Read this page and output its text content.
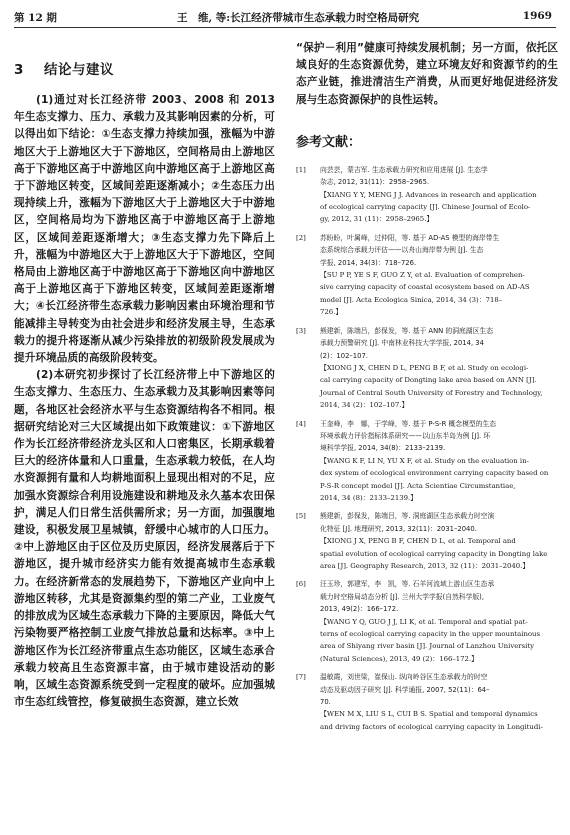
第 12 期	王　维, 等:长江经济带城市生态承载力时空格局研究	1969
3 结论与建议

(1)通过对长江经济带 2003、2008 和 2013 年生态支撑力、压力、承载力及其影响因素的分析，可以得出如下结论：①生态支撑力持续加强，涨幅为中游地区大于上游地区大于下游地区，空间格局由上游地区高于下游地区高于中游地区向中游地区高于上游地区高于下游地区转变，区域间差距逐渐减小；②生态压力出现持续上升，涨幅为下游地区大于上游地区大于中游地区，空间格局均为下游地区高于中游地区高于上游地区，区域间差距逐渐增大；③生态支撑力先下降后上升，涨幅为中游地区大于上游地区大于下游地区，空间格局由上游地区高于中游地区高于下游地区向中游地区高于上游地区高于下游地区转变，区域间差距逐渐增大；④长江经济带生态承载力影响因素由环境治理和节能减排主导转变为由社会进步和经济发展主导，生态承载力的提升将逐渐从减少污染排放的初级阶段发展成为提升环境品质的高级阶段转变。

(2)本研究初步探讨了长江经济带上中下游地区的生态支撑力、生态压力、生态承载力及其影响因素等问题，各地区社会经济水平与生态资源结构各不相同。根据研究结论对三大区域提出如下政策建议：①下游地区作为长江经济带经济龙头区和人口密集区，长期承载着巨大的经济体量和人口重量，生态承载力较低，在人均水资源拥有量和人均耕地面积上显现出相对的不足，应加强水资源综合利用设施建设和耕地及永久基本农田保护，满足人们日常生活供需所求；另一方面，加强腹地建设，积极发展卫星城镇，舒缓中心城市的人口压力。②中上游地区由于区位及历史原因，经济发展落后于下游地区，提升城市经济实力能有效提高城市生态承载力。在经济新常态的发展趋势下，下游地区产业向中上游地区转移，尤其是资源集约型的第二产业，工业废气的排放成为区域生态承载力下降的主要原因，降低大气污染物要严格控制工业废气排放总量和达标率。③中上游地区作为长江经济带重点生态功能区，区域生态承合承载力较高且生态资源丰富，由于城市建设活动的影响，区域生态资源系统受到一定程度的破坏。应加强城市生态红线管控，修复破损生态资源，建立长效

“保护－利用”健康可持续发展机制；另一方面，依托区域良好的生态资源优势，建立环境友好和资源节约的生态产业链，推进清洁生产消费，从而更好地促进经济发展与生态资源保护的良性运转。

参考文献：
[1]	向芸芸，蒙吉军. 生态承载力研究和应用进展 [J]. 生态学
杂志, 2012, 31(11)：2958–2965.
【XIANG Y Y, MENG J J. Advances in research and application
of ecological carrying capacity [J]. Chinese Journal of Ecolo-
gy, 2012, 31 (11)：2958–2965.】
[2]	苏盼盼，叶属峰，过仲阳，等. 基于 AD-AS 模型的海岸带生
态系统综合承载力评估——以舟山海岸带为例 [J]. 生态
学报, 2014, 34(3)：718–726.
【SU P P, YE S F, GUO Z Y, et al. Evaluation of comprehen-
sive carrying capacity of coastal ecosystem based on AD-AS
model [J]. Acta Ecologica Sinica, 2014, 34 (3)：718–
726.】
[3]	熊建新，陈端吕，彭保发，等. 基于 ANN 的洞庭湖区生态
承载力预警研究 [J]. 中南林业科技大学学报, 2014, 34
(2)：102–107.
【XIONG J X, CHEN D L, PENG B F, et al. Study on ecologi-
cal carrying capacity of Dongting lake area based on ANN [J].
Journal of Central South University of Forestry and Technology,
2014, 34 (2)：102–107.】
[4]	王奎峰，李　娜，于学峰，等. 基于 P-S-R 概念模型的生态
环境承载力评价指标体系研究——以山东半岛为例 [J]. 环
境科学学报, 2014, 34(8)：2133–2139.
【WANG K F, LI N, YU X F, et al. Study on the evaluation in-
dex system of ecological environment carrying capacity based on
P-S-R concept model [J]. Acta Scientiae Circumstantiae,
2014, 34 (8)：2133–2139.】
[5]	熊建新，彭保发，陈端吕，等. 洞庭湖区生态承载力时空演
化特征 [J]. 地理研究, 2013, 32(11)：2031–2040.
【XIONG J X, PENG B F, CHEN D L, et al. Temporal and
spatial evolution of ecological carrying capacity in Dongting lake
area [J]. Geography Research, 2013, 32 (11)：2031–2040.】
[6]	汪玉珍，郭建军，李　凯，等. 石羊河流域上游山区生态承
载力时空格局动态分析 [J]. 兰州大学学报(自然科学版),
2013, 49(2)：166–172.
【WANG Y Q, GUO J J, LI K, et al. Temporal and spatial pat-
terns of ecological carrying capacity in the upper mountainous
area of Shiyang river basin [J]. Journal of Lanzhou University
(Natural Sciences), 2013, 49 (2)：166–172.】
[7]	温敏霞，刘世梁，崔保山. 纵向岭谷区生态承载力的时空
动态及驱动因子研究 [J]. 科学通报, 2007, 52(11)：64–
70.
【WEN M X, LIU S L, CUI B S. Spatial and temporal dynamics
and driving factors of ecological carrying capacity in Longitudi-
